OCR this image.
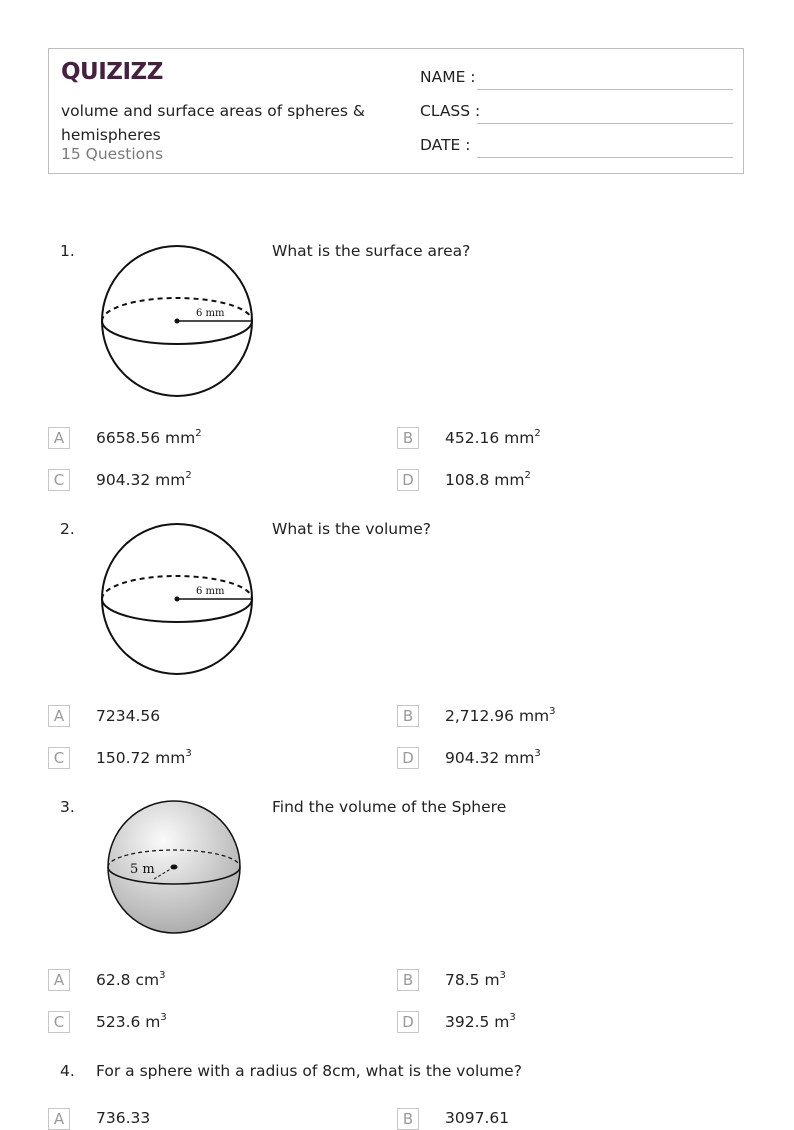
QUIZIZZ
volume and surface areas of spheres & hemispheres
15 Questions
NAME :
CLASS :
DATE :
1.
6 mm
What is the surface area?
A	6658.56 $mm^2$	B	452.16 $mm^2$
C	904.32 $mm^2$	D	108.8 $mm^2$
2.
6 mm
What is the volume?
A	7234.56	B	2,712.96 $mm^3$
C	150.72 $mm^3$	D	904.32 $mm^3$
3.
5 m
Find the volume of the Sphere
A	62.8 $cm^3$	B	78.5 $m^3$
C	523.6 $m^3$	D	392.5 $m^3$
4. For a sphere with a radius of 8cm, what is the volume?
A	736.33	B	3097.61
